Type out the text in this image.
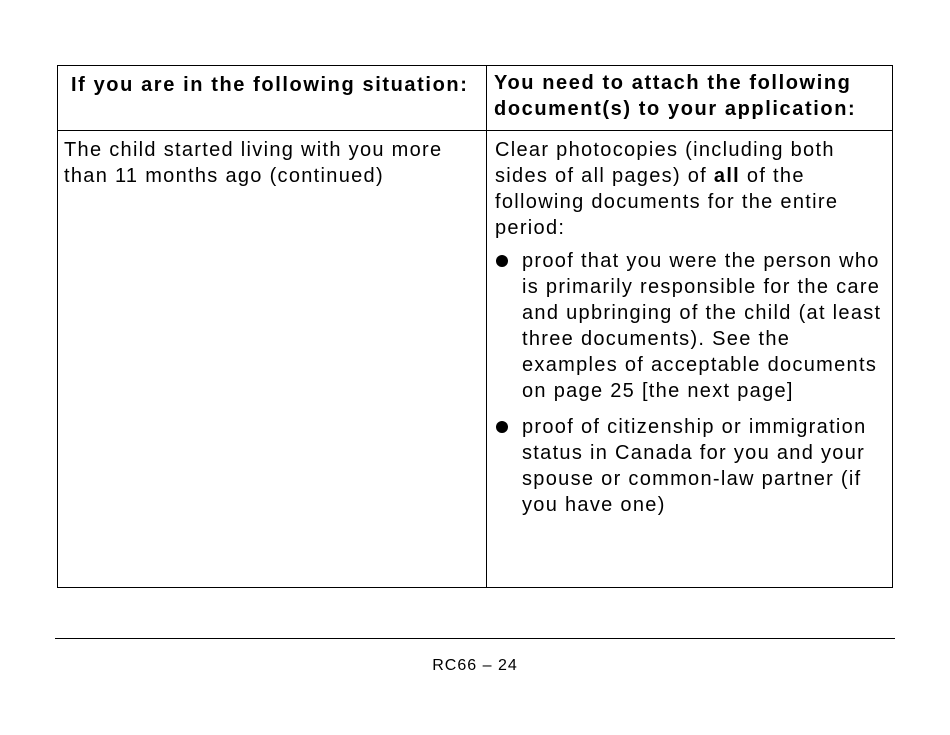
If you are in the following situation:	You need to attach the following document(s) to your application:
The child started living with you more than 11 months ago (continued)

Clear photocopies (including both sides of all pages) of all of the following documents for the entire period:

proof that you were the person who is primarily responsible for the care and upbringing of the child (at least three documents). See the examples of acceptable documents on page 25 [the next page]
proof of citizenship or immigration status in Canada for you and your spouse or common-law partner (if you have one)
RC66 – 24
